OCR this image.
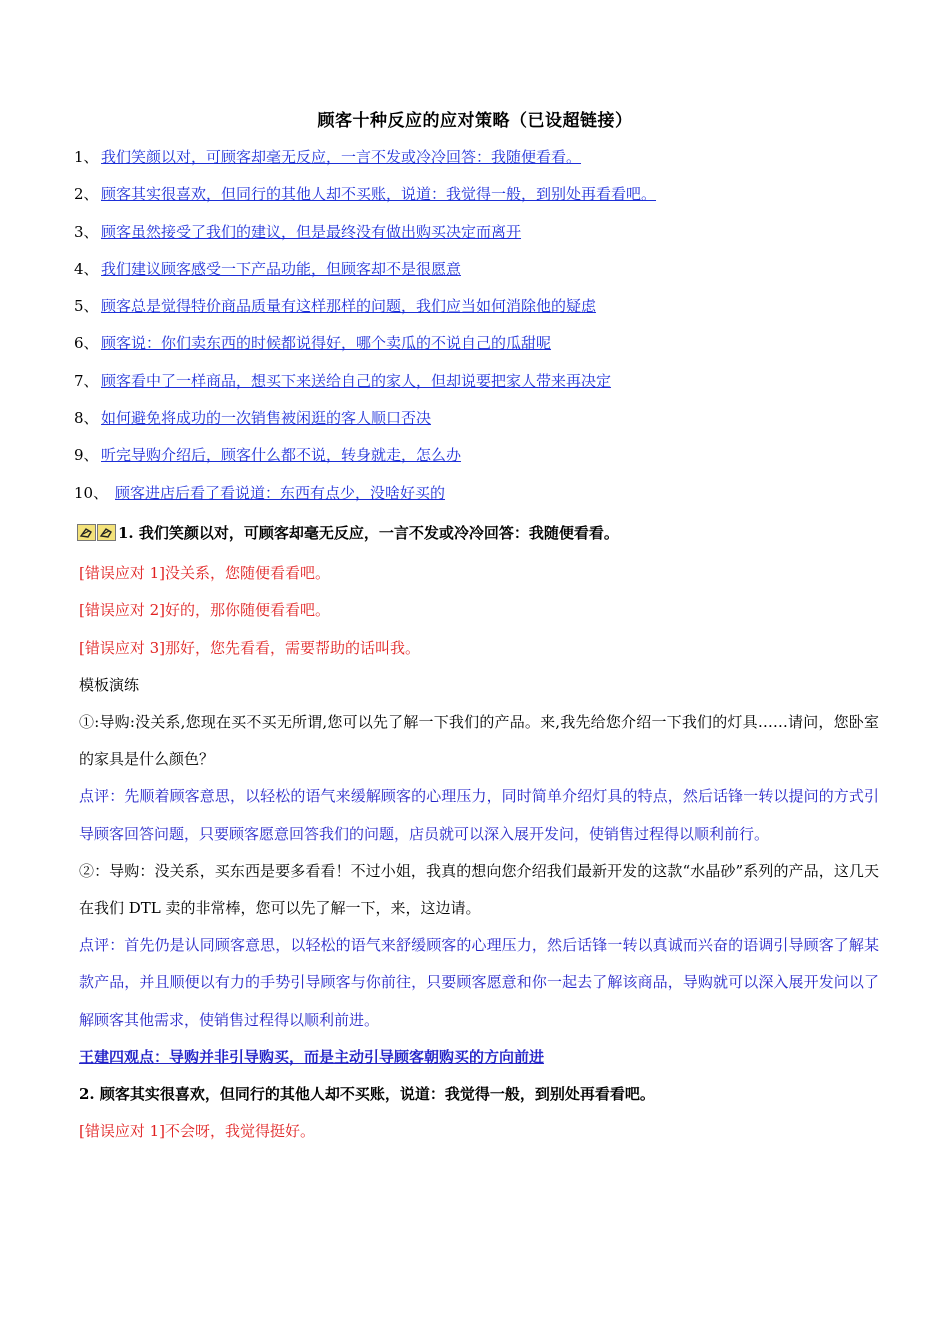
顾客十种反应的应对策略（已设超链接）
1、 我们笑颜以对，可顾客却毫无反应，一言不发或冷冷回答：我随便看看。
2、 顾客其实很喜欢，但同行的其他人却不买账，说道：我觉得一般，到别处再看看吧。
3、 顾客虽然接受了我们的建议，但是最终没有做出购买决定而离开
4、 我们建议顾客感受一下产品功能，但顾客却不是很愿意
5、 顾客总是觉得特价商品质量有这样那样的问题，我们应当如何消除他的疑虑
6、 顾客说：你们卖东西的时候都说得好，哪个卖瓜的不说自己的瓜甜呢
7、 顾客看中了一样商品，想买下来送给自己的家人，但却说要把家人带来再决定
8、 如何避免将成功的一次销售被闲逛的客人顺口否决
9、 听完导购介绍后，顾客什么都不说，转身就走，怎么办
10、 顾客进店后看了看说道：东西有点少，没啥好买的

1. 我们笑颜以对，可顾客却毫无反应，一言不发或冷冷回答：我随便看看。

[错误应对 1]没关系，您随便看看吧。

[错误应对 2]好的，那你随便看看吧。

[错误应对 3]那好，您先看看，需要帮助的话叫我。

模板演练

①:导购:没关系,您现在买不买无所谓,您可以先了解一下我们的产品。来,我先给您介绍一下我们的灯具……请问，您卧室的家具是什么颜色？

点评：先顺着顾客意思，以轻松的语气来缓解顾客的心理压力，同时简单介绍灯具的特点，然后话锋一转以提问的方式引导顾客回答问题，只要顾客愿意回答我们的问题，店员就可以深入展开发问，使销售过程得以顺利前行。

②：导购：没关系，买东西是要多看看！不过小姐，我真的想向您介绍我们最新开发的这款“水晶砂”系列的产品，这几天在我们 DTL 卖的非常棒，您可以先了解一下，来，这边请。

点评：首先仍是认同顾客意思，以轻松的语气来舒缓顾客的心理压力，然后话锋一转以真诚而兴奋的语调引导顾客了解某款产品，并且顺便以有力的手势引导顾客与你前往，只要顾客愿意和你一起去了解该商品，导购就可以深入展开发问以了解顾客其他需求，使销售过程得以顺利前进。

王建四观点：导购并非引导购买，而是主动引导顾客朝购买的方向前进

2. 顾客其实很喜欢，但同行的其他人却不买账，说道：我觉得一般，到别处再看看吧。

[错误应对 1]不会呀，我觉得挺好。
